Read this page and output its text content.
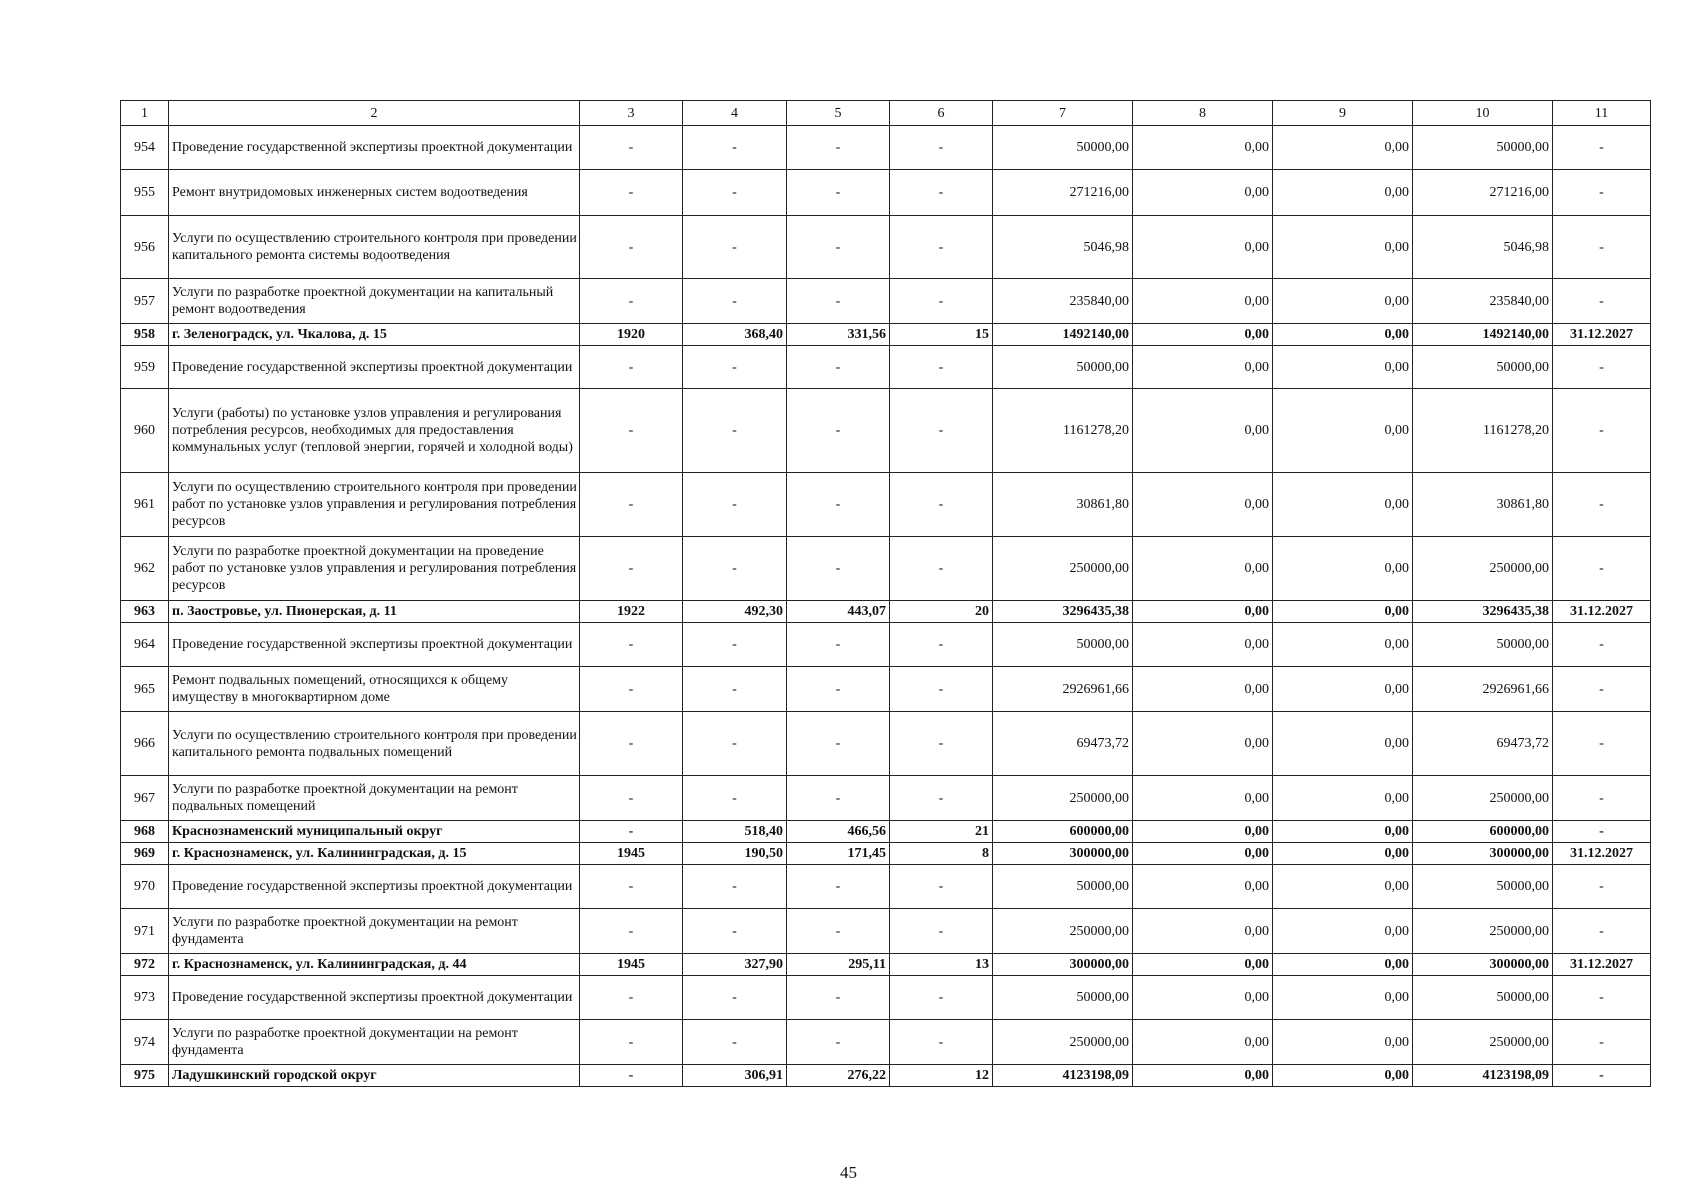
1	2	3	4	5	6	7	8	9	10	11
954	Проведение государственной экспертизы проектной документации	-	-	-	-	50000,00	0,00	0,00	50000,00	-
955	Ремонт внутридомовых инженерных систем водоотведения	-	-	-	-	271216,00	0,00	0,00	271216,00	-
956	Услуги по осуществлению строительного контроля при проведении капитального ремонта системы водоотведения	-	-	-	-	5046,98	0,00	0,00	5046,98	-
957	Услуги по разработке проектной документации на капитальный ремонт водоотведения	-	-	-	-	235840,00	0,00	0,00	235840,00	-
958	г. Зеленоградск, ул. Чкалова, д. 15	1920	368,40	331,56	15	1492140,00	0,00	0,00	1492140,00	31.12.2027
959	Проведение государственной экспертизы проектной документации	-	-	-	-	50000,00	0,00	0,00	50000,00	-
960	Услуги (работы) по установке узлов управления и регулирования потребления ресурсов, необходимых для предоставления коммунальных услуг (тепловой энергии, горячей и холодной воды)	-	-	-	-	1161278,20	0,00	0,00	1161278,20	-
961	Услуги по осуществлению строительного контроля при проведении работ по установке узлов управления и регулирования потребления ресурсов	-	-	-	-	30861,80	0,00	0,00	30861,80	-
962	Услуги по разработке проектной документации на проведение работ по установке узлов управления и регулирования потребления ресурсов	-	-	-	-	250000,00	0,00	0,00	250000,00	-
963	п. Заостровье, ул. Пионерская, д. 11	1922	492,30	443,07	20	3296435,38	0,00	0,00	3296435,38	31.12.2027
964	Проведение государственной экспертизы проектной документации	-	-	-	-	50000,00	0,00	0,00	50000,00	-
965	Ремонт подвальных помещений, относящихся к общему имуществу в многоквартирном доме	-	-	-	-	2926961,66	0,00	0,00	2926961,66	-
966	Услуги по осуществлению строительного контроля при проведении капитального ремонта подвальных помещений	-	-	-	-	69473,72	0,00	0,00	69473,72	-
967	Услуги по разработке проектной документации на ремонт подвальных помещений	-	-	-	-	250000,00	0,00	0,00	250000,00	-
968	Краснознаменский муниципальный округ	-	518,40	466,56	21	600000,00	0,00	0,00	600000,00	-
969	г. Краснознаменск, ул. Калининградская, д. 15	1945	190,50	171,45	8	300000,00	0,00	0,00	300000,00	31.12.2027
970	Проведение государственной экспертизы проектной документации	-	-	-	-	50000,00	0,00	0,00	50000,00	-
971	Услуги по разработке проектной документации на ремонт фундамента	-	-	-	-	250000,00	0,00	0,00	250000,00	-
972	г. Краснознаменск, ул. Калининградская, д. 44	1945	327,90	295,11	13	300000,00	0,00	0,00	300000,00	31.12.2027
973	Проведение государственной экспертизы проектной документации	-	-	-	-	50000,00	0,00	0,00	50000,00	-
974	Услуги по разработке проектной документации на ремонт фундамента	-	-	-	-	250000,00	0,00	0,00	250000,00	-
975	Ладушкинский городской округ	-	306,91	276,22	12	4123198,09	0,00	0,00	4123198,09	-
45
